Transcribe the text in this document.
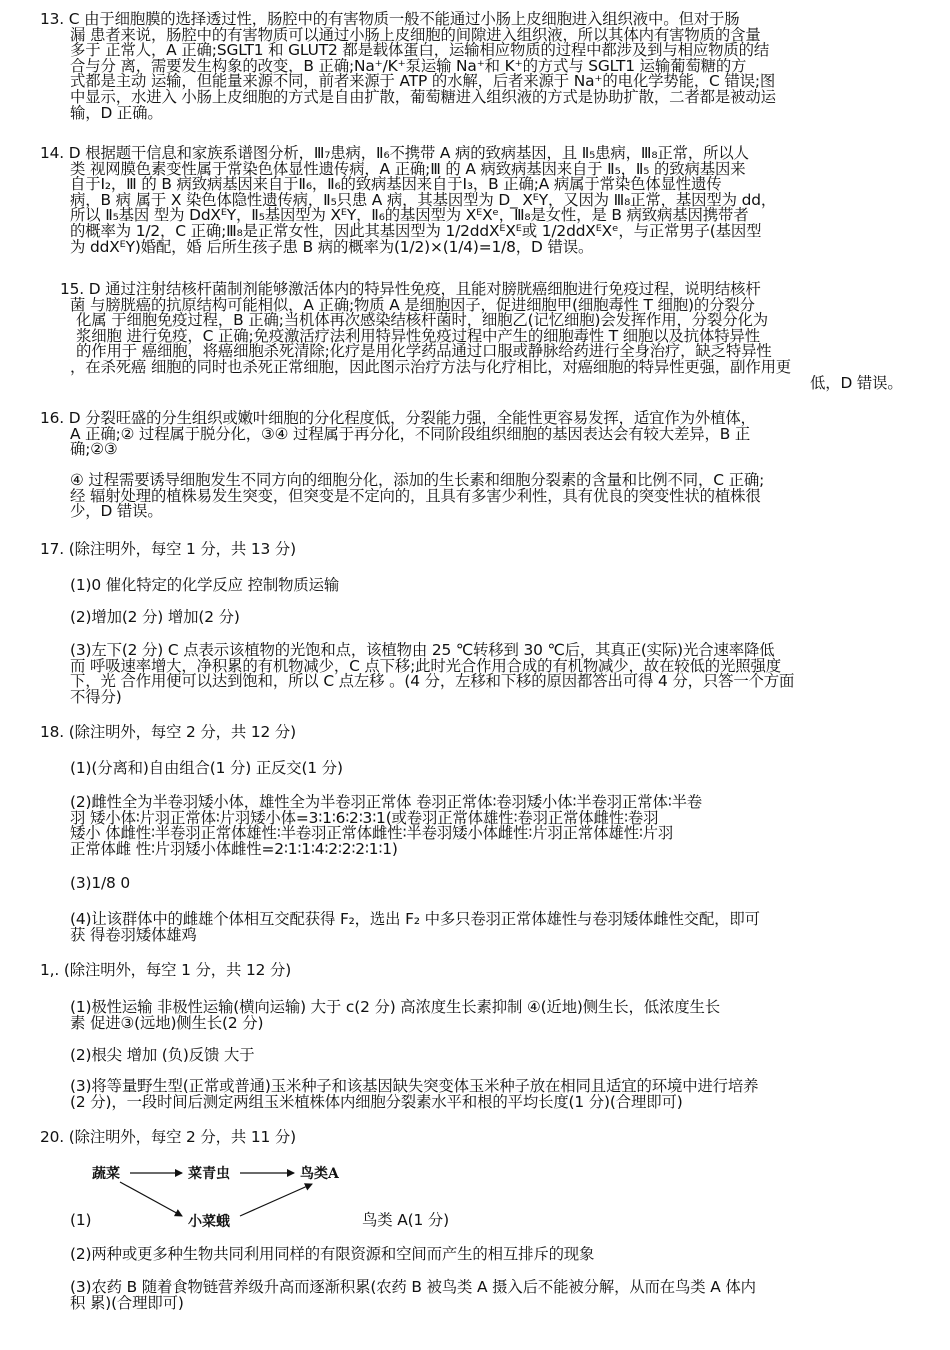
13. C 由于细胞膜的选择透过性，肠腔中的有害物质一般不能通过小肠上皮细胞进入组织液中。但对于肠
漏 患者来说，肠腔中的有害物质可以通过小肠上皮细胞的间隙进入组织液，所以其体内有害物质的含量
多于 正常人，A 正确;SGLT1 和 GLUT2 都是载体蛋白，运输相应物质的过程中都涉及到与相应物质的结
合与分 离，需要发生构象的改变，B 正确;Na⁺/K⁺泵运输 Na⁺和 K⁺的方式与 SGLT1 运输葡萄糖的方
式都是主动 运输，但能量来源不同，前者来源于 ATP 的水解，后者来源于 Na⁺的电化学势能，C 错误;图
中显示，水进入 小肠上皮细胞的方式是自由扩散，葡萄糖进入组织液的方式是协助扩散，二者都是被动运
输，D 正确。
14. D 根据题干信息和家族系谱图分析，Ⅲ₇患病，Ⅱ₆不携带 A 病的致病基因，且 Ⅱ₅患病，Ⅲ₈正常，所以人
类 视网膜色素变性属于常染色体显性遗传病，A 正确;Ⅲ 的 A 病致病基因来自于 Ⅱ₅，Ⅱ₅ 的致病基因来
自于Ⅰ₂，Ⅲ 的 B 病致病基因来自于Ⅱ₆，Ⅱ₆的致病基因来自于Ⅰ₃，B 正确;A 病属于常染色体显性遗传
病，B 病 属于 X 染色体隐性遗传病，Ⅱ₅只患 A 病，其基因型为 D_ XᴱY，又因为 Ⅲ₈正常，基因型为 dd，
所以 Ⅱ₅基因 型为 DdXᴱY，Ⅱ₅基因型为 XᴱY，Ⅱ₆的基因型为 XᴱXᵉ，Ⅲ₈是女性，是 B 病致病基因携带者
的概率为 1/2，C 正确;Ⅲ₈是正常女性，因此其基因型为 1/2ddXᴱXᴱ或 1/2ddXᴱXᵉ，与正常男子(基因型
为 ddXᴱY)婚配，婚 后所生孩子患 B 病的概率为(1/2)×(1/4)=1/8，D 错误。
15. D 通过注射结核杆菌制剂能够激活体内的特异性免疫，且能对膀胱癌细胞进行免疫过程，说明结核杆
菌 与膀胱癌的抗原结构可能相似，A 正确;物质 A 是细胞因子，促进细胞甲(细胞毒性 T 细胞)的分裂分
化属 于细胞免疫过程，B 正确;当机体再次感染结核杆菌时，细胞乙(记忆细胞)会发挥作用，分裂分化为
浆细胞 进行免疫，C 正确;免疫激活疗法利用特异性免疫过程中产生的细胞毒性 T 细胞以及抗体特异性
的作用于 癌细胞，将癌细胞杀死清除;化疗是用化学药品通过口服或静脉给药进行全身治疗，缺乏特异性
，在杀死癌 细胞的同时也杀死正常细胞，因此图示治疗方法与化疗相比，对癌细胞的特异性更强，副作用更
低，D 错误。
16. D 分裂旺盛的分生组织或嫩叶细胞的分化程度低，分裂能力强，全能性更容易发挥，适宜作为外植体，
A 正确;② 过程属于脱分化，③④ 过程属于再分化，不同阶段组织细胞的基因表达会有较大差异，B 正
确;②③
④ 过程需要诱导细胞发生不同方向的细胞分化，添加的生长素和细胞分裂素的含量和比例不同，C 正确;
经 辐射处理的植株易发生突变，但突变是不定向的，且具有多害少利性，具有优良的突变性状的植株很
少，D 错误。
17. (除注明外，每空 1 分，共 13 分)
(1)0 催化特定的化学反应 控制物质运输
(2)增加(2 分) 增加(2 分)
(3)左下(2 分) C 点表示该植物的光饱和点，该植物由 25 ℃转移到 30 ℃后，其真正(实际)光合速率降低
而 呼吸速率增大，净积累的有机物减少，C 点下移;此时光合作用合成的有机物减少，故在较低的光照强度
下，光 合作用便可以达到饱和，所以 C 点左移 。(4 分，左移和下移的原因都答出可得 4 分，只答一个方面
不得分)
18. (除注明外，每空 2 分，共 12 分)
(1)(分离和)自由组合(1 分) 正反交(1 分)
(2)雌性全为半卷羽矮小体，雄性全为半卷羽正常体 卷羽正常体∶卷羽矮小体∶半卷羽正常体∶半卷
羽 矮小体∶片羽正常体∶片羽矮小体=3∶1∶6∶2∶3∶1(或卷羽正常体雄性∶卷羽正常体雌性∶卷羽
矮小 体雌性∶半卷羽正常体雄性∶半卷羽正常体雌性∶半卷羽矮小体雌性∶片羽正常体雄性∶片羽
正常体雌 性∶片羽矮小体雌性=2∶1∶1∶4∶2∶2∶2∶1∶1)
(3)1/8 0
(4)让该群体中的雌雄个体相互交配获得 F₂，选出 F₂ 中多只卷羽正常体雄性与卷羽矮体雌性交配，即可
获 得卷羽矮体雄鸡
1,. (除注明外，每空 1 分，共 12 分)
(1)极性运输 非极性运输(横向运输) 大于 c(2 分) 高浓度生长素抑制 ④(近地)侧生长，低浓度生长
素 促进③(远地)侧生长(2 分)
(2)根尖 增加 (负)反馈 大于
(3)将等量野生型(正常或普通)玉米种子和该基因缺失突变体玉米种子放在相同且适宜的环境中进行培养
(2 分)，一段时间后测定两组玉米植株体内细胞分裂素水平和根的平均长度(1 分)(合理即可)
20. (除注明外，每空 2 分，共 11 分)
蔬菜	菜青虫	鸟类A
小菜蛾
(1)	鸟类 A(1 分)
(2)两种或更多种生物共同利用同样的有限资源和空间而产生的相互排斥的现象
(3)农药 B 随着食物链营养级升高而逐渐积累(农药 B 被鸟类 A 摄入后不能被分解，从而在鸟类 A 体内
积 累)(合理即可)
